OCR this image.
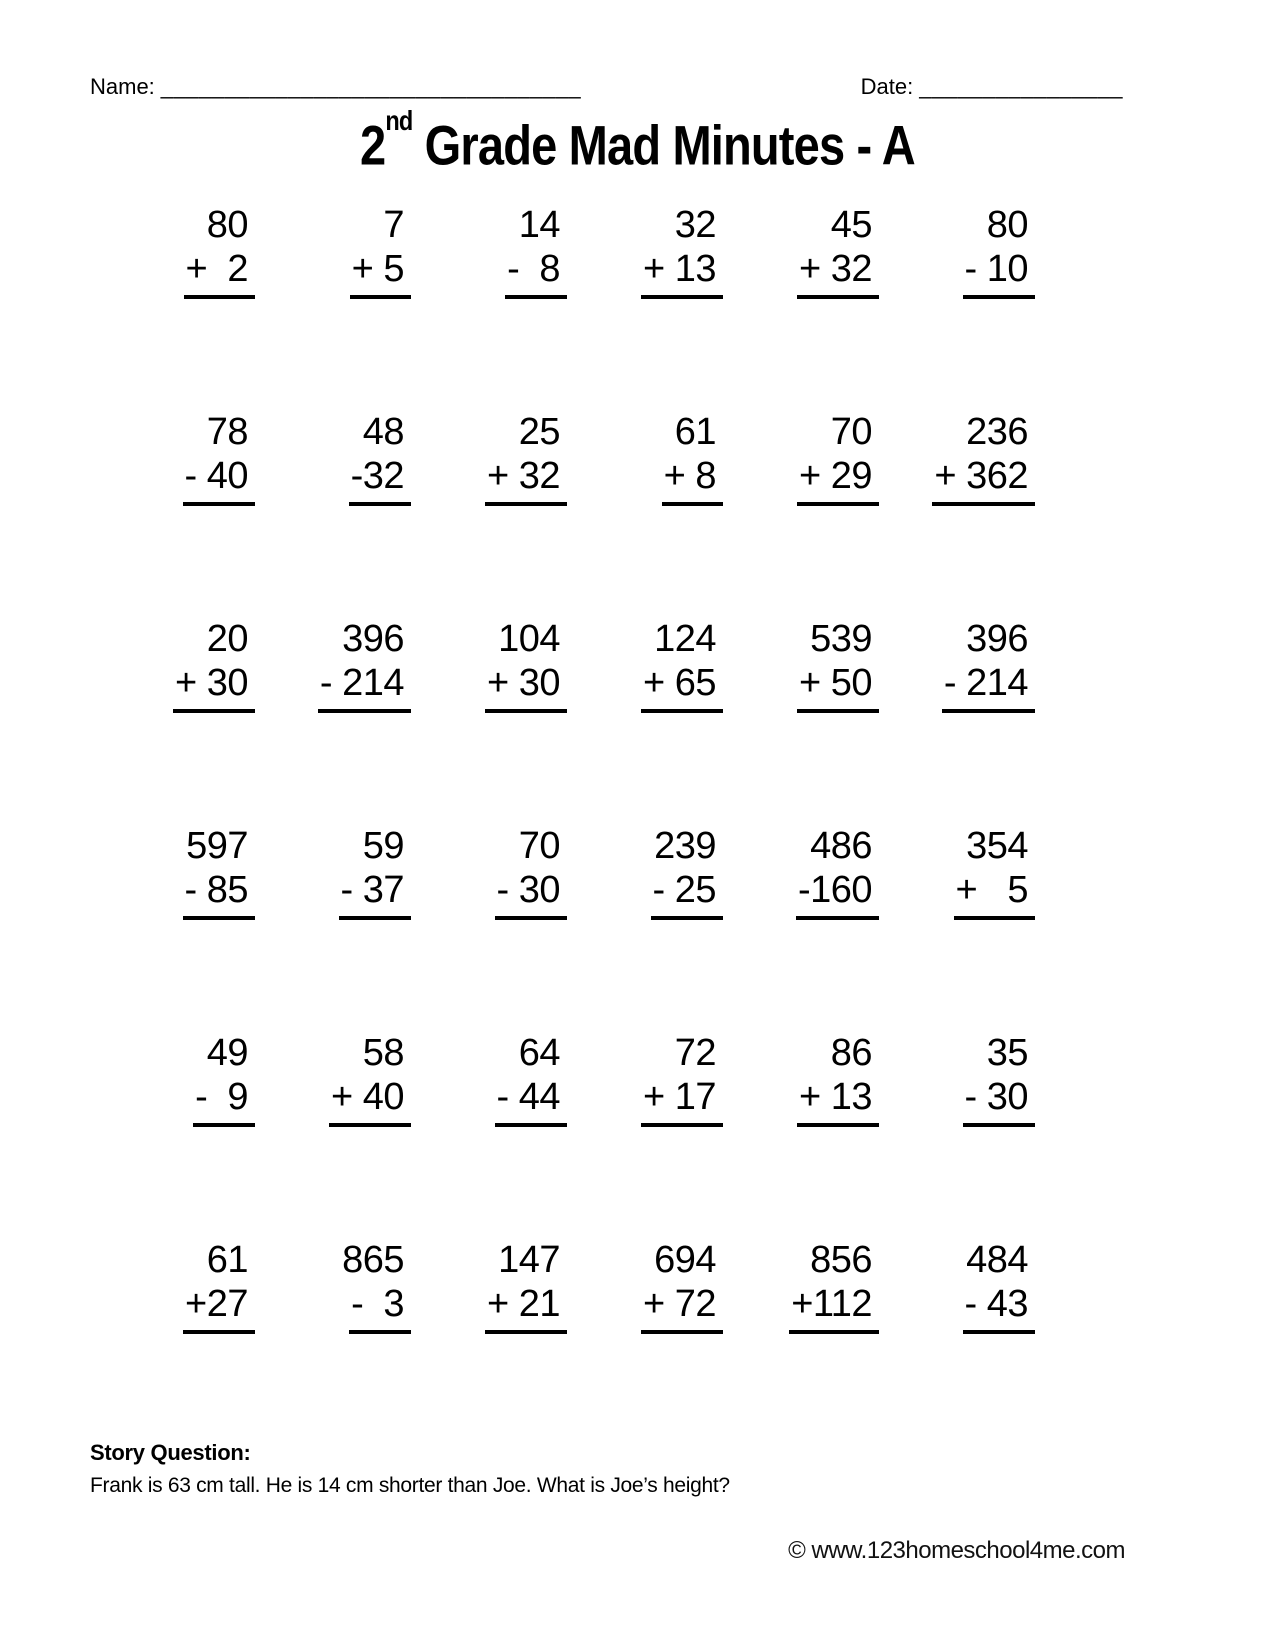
Name: _________________________________	Date: ________________
2nd Grade Mad Minutes - A
80
+  2
7
+ 5
14
-  8
32
+ 13
45
+ 32
80
- 10
78
- 40
48
-32
25
+ 32
61
+ 8
70
+ 29
236
+ 362
20
+ 30
396
- 214
104
+ 30
124
+ 65
539
+ 50
396
- 214
597
- 85
59
- 37
70
- 30
239
- 25
486
-160
354
+   5
49
-  9
58
+ 40
64
- 44
72
+ 17
86
+ 13
35
- 30
61
+27
865
-  3
147
+ 21
694
+ 72
856
+112
484
- 43
Story Question:
Frank is 63 cm tall. He is 14 cm shorter than Joe. What is Joe’s height?
© www.123homeschool4me.com
